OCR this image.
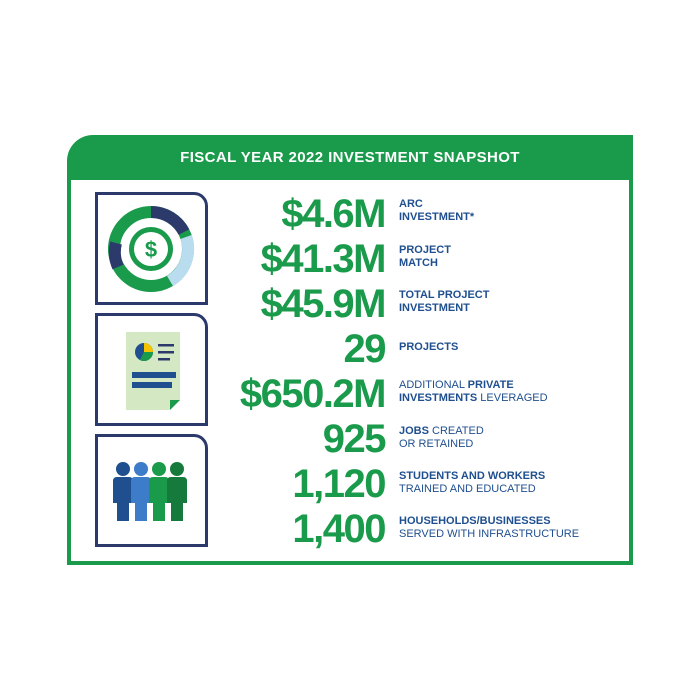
FISCAL YEAR 2022 INVESTMENT SNAPSHOT
$
$4.6M ARC
INVESTMENT*
$41.3M PROJECT
MATCH
$45.9M TOTAL PROJECT
INVESTMENT
29 PROJECTS
$650.2M ADDITIONAL PRIVATE
INVESTMENTS LEVERAGED
925 JOBS CREATED
OR RETAINED
1,120 STUDENTS AND WORKERS
TRAINED AND EDUCATED
1,400 HOUSEHOLDS/BUSINESSES
SERVED WITH INFRASTRUCTURE
